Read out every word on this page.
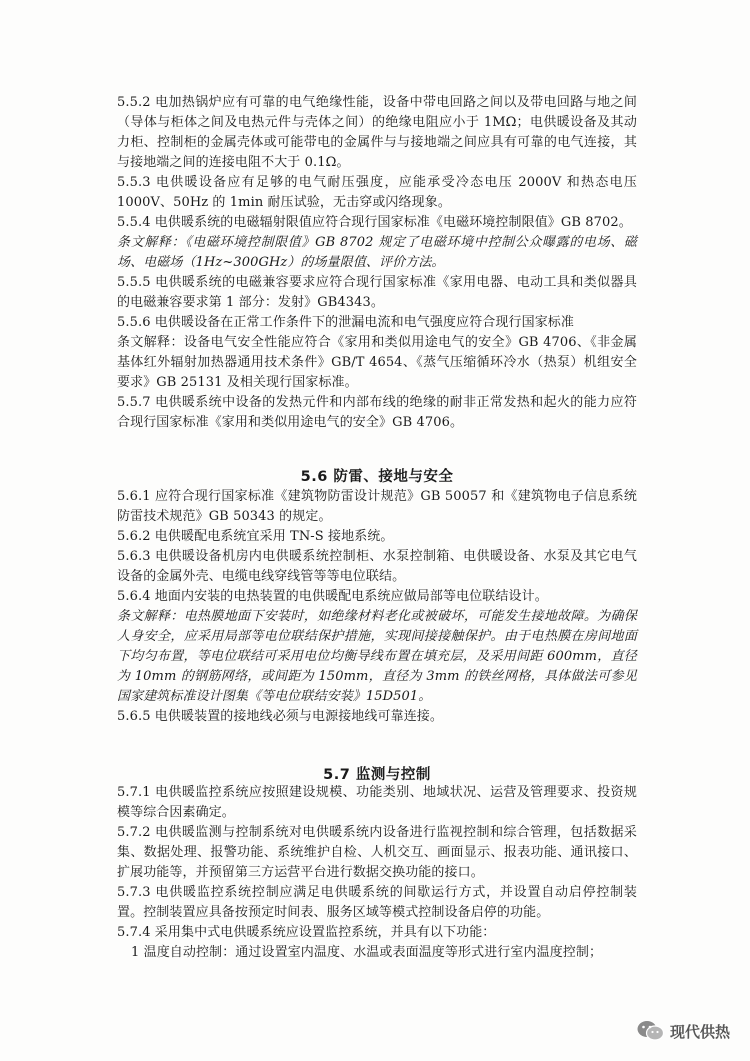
5.5.2 电加热锅炉应有可靠的电气绝缘性能，设备中带电回路之间以及带电回路与地之间（导体与柜体之间及电热元件与壳体之间）的绝缘电阻应小于 1MΩ；电供暖设备及其动力柜、控制柜的金属壳体或可能带电的金属件与与接地端之间应具有可靠的电气连接，其与接地端之间的连接电阻不大于 0.1Ω。

5.5.3 电供暖设备应有足够的电气耐压强度，应能承受冷态电压 2000V 和热态电压 1000V、50Hz 的 1min 耐压试验，无击穿或闪络现象。

5.5.4 电供暖系统的电磁辐射限值应符合现行国家标准《电磁环境控制限值》GB 8702。

条文解释：《电磁环境控制限值》GB 8702 规定了电磁环境中控制公众曝露的电场、磁场、电磁场（1Hz~300GHz）的场量限值、评价方法。

5.5.5 电供暖系统的电磁兼容要求应符合现行国家标准《家用电器、电动工具和类似器具的电磁兼容要求第 1 部分：发射》GB4343。

5.5.6 电供暖设备在正常工作条件下的泄漏电流和电气强度应符合现行国家标准

条文解释：设备电气安全性能应符合《家用和类似用途电气的安全》GB 4706、《非金属基体红外辐射加热器通用技术条件》GB/T 4654、《蒸气压缩循环冷水（热泵）机组安全要求》GB 25131 及相关现行国家标准。

5.5.7 电供暖系统中设备的发热元件和内部布线的绝缘的耐非正常发热和起火的能力应符合现行国家标准《家用和类似用途电气的安全》GB 4706。

5.6 防雷、接地与安全

5.6.1 应符合现行国家标准《建筑物防雷设计规范》GB 50057 和《建筑物电子信息系统防雷技术规范》GB 50343 的规定。

5.6.2 电供暖配电系统宜采用 TN-S 接地系统。

5.6.3 电供暖设备机房内电供暖系统控制柜、水泵控制箱、电供暖设备、水泵及其它电气设备的金属外壳、电缆电线穿线管等等电位联结。

5.6.4 地面内安装的电热装置的电供暖配电系统应做局部等电位联结设计。

条文解释：电热膜地面下安装时，如绝缘材料老化或被破坏，可能发生接地故障。为确保人身安全，应采用局部等电位联结保护措施，实现间接接触保护。由于电热膜在房间地面下均匀布置，等电位联结可采用电位均衡导线布置在填充层，及采用间距 600mm，直径为 10mm 的钢筋网络，或间距为 150mm，直径为 3mm 的铁丝网格，具体做法可参见国家建筑标准设计图集《等电位联结安装》15D501。

5.6.5 电供暖装置的接地线必须与电源接地线可靠连接。

5.7 监测与控制

5.7.1 电供暖监控系统应按照建设规模、功能类别、地域状况、运营及管理要求、投资规模等综合因素确定。

5.7.2 电供暖监测与控制系统对电供暖系统内设备进行监视控制和综合管理，包括数据采集、数据处理、报警功能、系统维护自检、人机交互、画面显示、报表功能、通讯接口、扩展功能等，并预留第三方运营平台进行数据交换功能的接口。

5.7.3 电供暖监控系统控制应满足电供暖系统的间歇运行方式，并设置自动启停控制装置。控制装置应具备按预定时间表、服务区域等模式控制设备启停的功能。

5.7.4 采用集中式电供暖系统应设置监控系统，并具有以下功能：

1 温度自动控制：通过设置室内温度、水温或表面温度等形式进行室内温度控制；

现代供热
